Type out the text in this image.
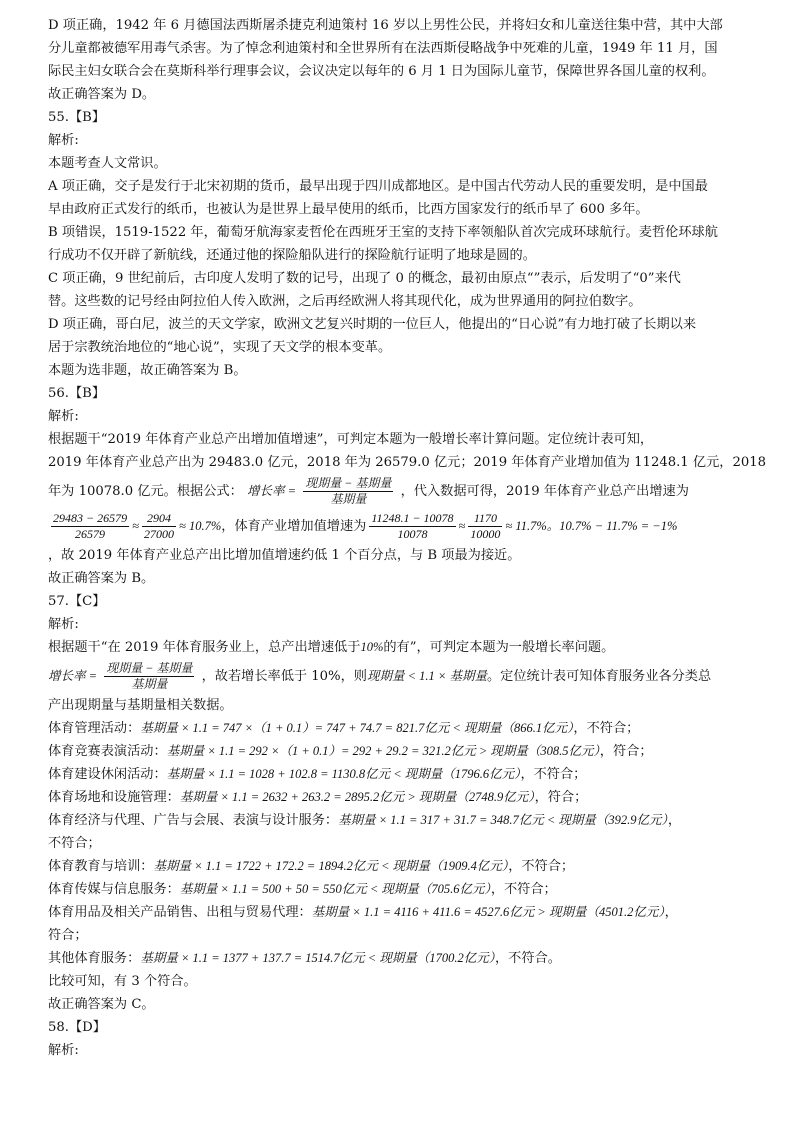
D 项正确，1942 年 6 月德国法西斯屠杀捷克利迪策村 16 岁以上男性公民，并将妇女和儿童送往集中营，其中大部
分儿童都被德军用毒气杀害。为了悼念利迪策村和全世界所有在法西斯侵略战争中死难的儿童，1949 年 11 月，国
际民主妇女联合会在莫斯科举行理事会议，会议决定以每年的 6 月 1 日为国际儿童节，保障世界各国儿童的权利。
故正确答案为 D。
55.【B】
解析:
本题考查人文常识。
A 项正确，交子是发行于北宋初期的货币，最早出现于四川成都地区。是中国古代劳动人民的重要发明，是中国最
早由政府正式发行的纸币，也被认为是世界上最早使用的纸币，比西方国家发行的纸币早了 600 多年。
B 项错误，1519-1522 年，葡萄牙航海家麦哲伦在西班牙王室的支持下率领船队首次完成环球航行。麦哲伦环球航
行成功不仅开辟了新航线，还通过他的探险船队进行的探险航行证明了地球是圆的。
C 项正确，9 世纪前后，古印度人发明了数的记号，出现了 0 的概念，最初由原点“”表示，后发明了“0”来代
替。这些数的记号经由阿拉伯人传入欧洲，之后再经欧洲人将其现代化，成为世界通用的阿拉伯数字。
D 项正确，哥白尼，波兰的天文学家，欧洲文艺复兴时期的一位巨人，他提出的“日心说”有力地打破了长期以来
居于宗教统治地位的“地心说”，实现了天文学的根本变革。
本题为选非题，故正确答案为 B。
56.【B】
解析:
根据题干“2019 年体育产业总产出增加值增速”，可判定本题为一般增长率计算问题。定位统计表可知，
2019 年体育产业总产出为 29483.0 亿元，2018 年为 26579.0 亿元；2019 年体育产业增加值为 11248.1 亿元，2018
年为 10078.0 亿元。根据公式： 增长率 = $\frac{\text{现期量 − 基期量}}{\text{基期量}}$ ，代入数据可得，2019 年体育产业总产出增速为
$\frac{29483 - 26579}{26579} \approx \frac{2904}{27000} \approx 10.7\%$，体育产业增加值增速为 $\frac{11248.1 - 10078}{10078} \approx \frac{1170}{10000} \approx 11.7\%$。10.7% − 11.7% = −1%
，故 2019 年体育产业总产出比增加值增速约低 1 个百分点，与 B 项最为接近。
故正确答案为 B。
57.【C】
解析:
根据题干“在 2019 年体育服务业上，总产出增速低于10%的有”，可判定本题为一般增长率问题。
增长率 = $\frac{\text{现期量 − 基期量}}{\text{基期量}}$ ，故若增长率低于 10%，则现期量 < 1.1 × 基期量。定位统计表可知体育服务业各分类总
产出现期量与基期量相关数据。
体育管理活动：基期量 × 1.1 = 747 ×（1 + 0.1）= 747 + 74.7 = 821.7亿元 < 现期量（866.1亿元），不符合；
体育竞赛表演活动：基期量 × 1.1 = 292 ×（1 + 0.1）= 292 + 29.2 = 321.2亿元 > 现期量（308.5亿元），符合；
体育建设休闲活动：基期量 × 1.1 = 1028 + 102.8 = 1130.8亿元 < 现期量（1796.6亿元），不符合；
体育场地和设施管理：基期量 × 1.1 = 2632 + 263.2 = 2895.2亿元 > 现期量（2748.9亿元），符合；
体育经济与代理、广告与会展、表演与设计服务：基期量 × 1.1 = 317 + 31.7 = 348.7亿元 < 现期量（392.9亿元），
不符合；
体育教育与培训：基期量 × 1.1 = 1722 + 172.2 = 1894.2亿元 < 现期量（1909.4亿元），不符合；
体育传媒与信息服务：基期量 × 1.1 = 500 + 50 = 550亿元 < 现期量（705.6亿元），不符合；
体育用品及相关产品销售、出租与贸易代理：基期量 × 1.1 = 4116 + 411.6 = 4527.6亿元 > 现期量（4501.2亿元），
符合；
其他体育服务：基期量 × 1.1 = 1377 + 137.7 = 1514.7亿元 < 现期量（1700.2亿元），不符合。
比较可知，有 3 个符合。
故正确答案为 C。
58.【D】
解析:
